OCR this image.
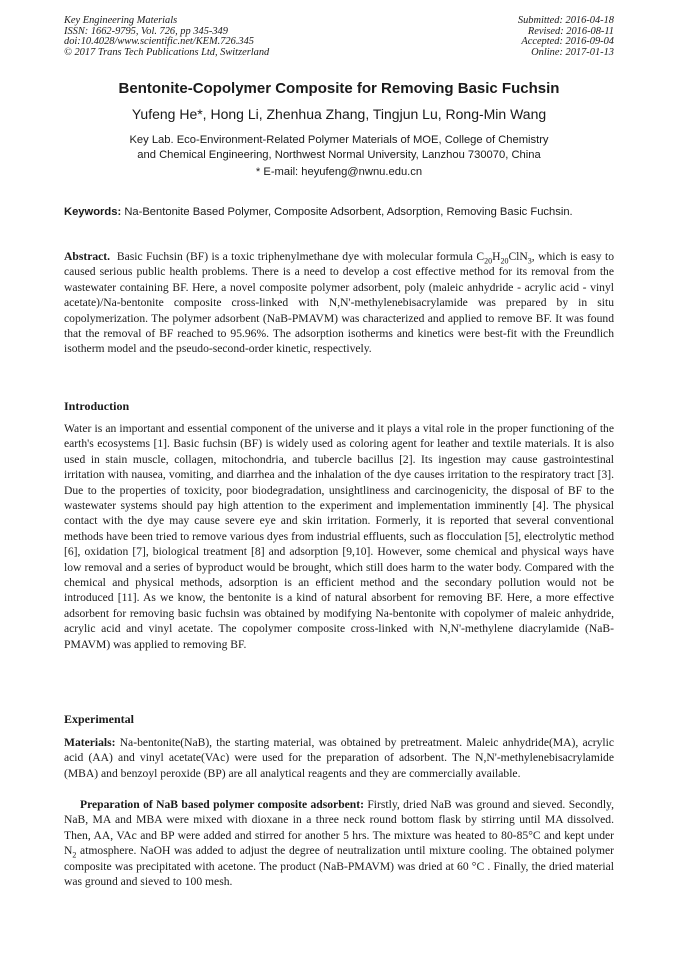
Key Engineering Materials
ISSN: 1662-9795, Vol. 726, pp 345-349
doi:10.4028/www.scientific.net/KEM.726.345
© 2017 Trans Tech Publications Ltd, Switzerland
Submitted: 2016-04-18
Revised: 2016-08-11
Accepted: 2016-09-04
Online: 2017-01-13
Bentonite-Copolymer Composite for Removing Basic Fuchsin
Yufeng He*, Hong Li, Zhenhua Zhang, Tingjun Lu, Rong-Min Wang
Key Lab. Eco-Environment-Related Polymer Materials of MOE, College of Chemistry
and Chemical Engineering, Northwest Normal University, Lanzhou 730070, China
* E-mail: heyufeng@nwnu.edu.cn
Keywords: Na-Bentonite Based Polymer, Composite Adsorbent, Adsorption, Removing Basic Fuchsin.
Abstract. Basic Fuchsin (BF) is a toxic triphenylmethane dye with molecular formula $C_{20}H_{20}ClN_3$, which is easy to caused serious public health problems. There is a need to develop a cost effective method for its removal from the wastewater containing BF. Here, a novel composite polymer adsorbent, poly (maleic anhydride - acrylic acid - vinyl acetate)/Na-bentonite composite cross-linked with N,N'-methylenebisacrylamide was prepared by in situ copolymerization. The polymer adsorbent (NaB-PMAVM) was characterized and applied to remove BF. It was found that the removal of BF reached to 95.96%. The adsorption isotherms and kinetics were best-fit with the Freundlich isotherm model and the pseudo-second-order kinetic, respectively.
Introduction
Water is an important and essential component of the universe and it plays a vital role in the proper functioning of the earth's ecosystems [1]. Basic fuchsin (BF) is widely used as coloring agent for leather and textile materials. It is also used in stain muscle, collagen, mitochondria, and tubercle bacillus [2]. Its ingestion may cause gastrointestinal irritation with nausea, vomiting, and diarrhea and the inhalation of the dye causes irritation to the respiratory tract [3]. Due to the properties of toxicity, poor biodegradation, unsightliness and carcinogenicity, the disposal of BF to the wastewater systems should pay high attention to the experiment and implementation imminently [4]. The physical contact with the dye may cause severe eye and skin irritation. Formerly, it is reported that several conventional methods have been tried to remove various dyes from industrial effluents, such as flocculation [5], electrolytic method [6], oxidation [7], biological treatment [8] and adsorption [9,10]. However, some chemical and physical ways have low removal and a series of byproduct would be brought, which still does harm to the water body. Compared with the chemical and physical methods, adsorption is an efficient method and the secondary pollution would not be introduced [11]. As we know, the bentonite is a kind of natural absorbent for removing BF. Here, a more effective adsorbent for removing basic fuchsin was obtained by modifying Na-bentonite with copolymer of maleic anhydride, acrylic acid and vinyl acetate. The copolymer composite cross-linked with N,N'-methylene diacrylamide (NaB-PMAVM) was applied to removing BF.
Experimental
Materials: Na-bentonite(NaB), the starting material, was obtained by pretreatment. Maleic anhydride(MA), acrylic acid (AA) and vinyl acetate(VAc) were used for the preparation of adsorbent. The N,N'-methylenebisacrylamide (MBA) and benzoyl peroxide (BP) are all analytical reagents and they are commercially available.
Preparation of NaB based polymer composite adsorbent: Firstly, dried NaB was ground and sieved. Secondly, NaB, MA and MBA were mixed with dioxane in a three neck round bottom flask by stirring until MA dissolved. Then, AA, VAc and BP were added and stirred for another 5 hrs. The mixture was heated to 80-85°C and kept under $N_2$ atmosphere. NaOH was added to adjust the degree of neutralization until mixture cooling. The obtained polymer composite was precipitated with acetone. The product (NaB-PMAVM) was dried at 60 °C . Finally, the dried material was ground and sieved to 100 mesh.
